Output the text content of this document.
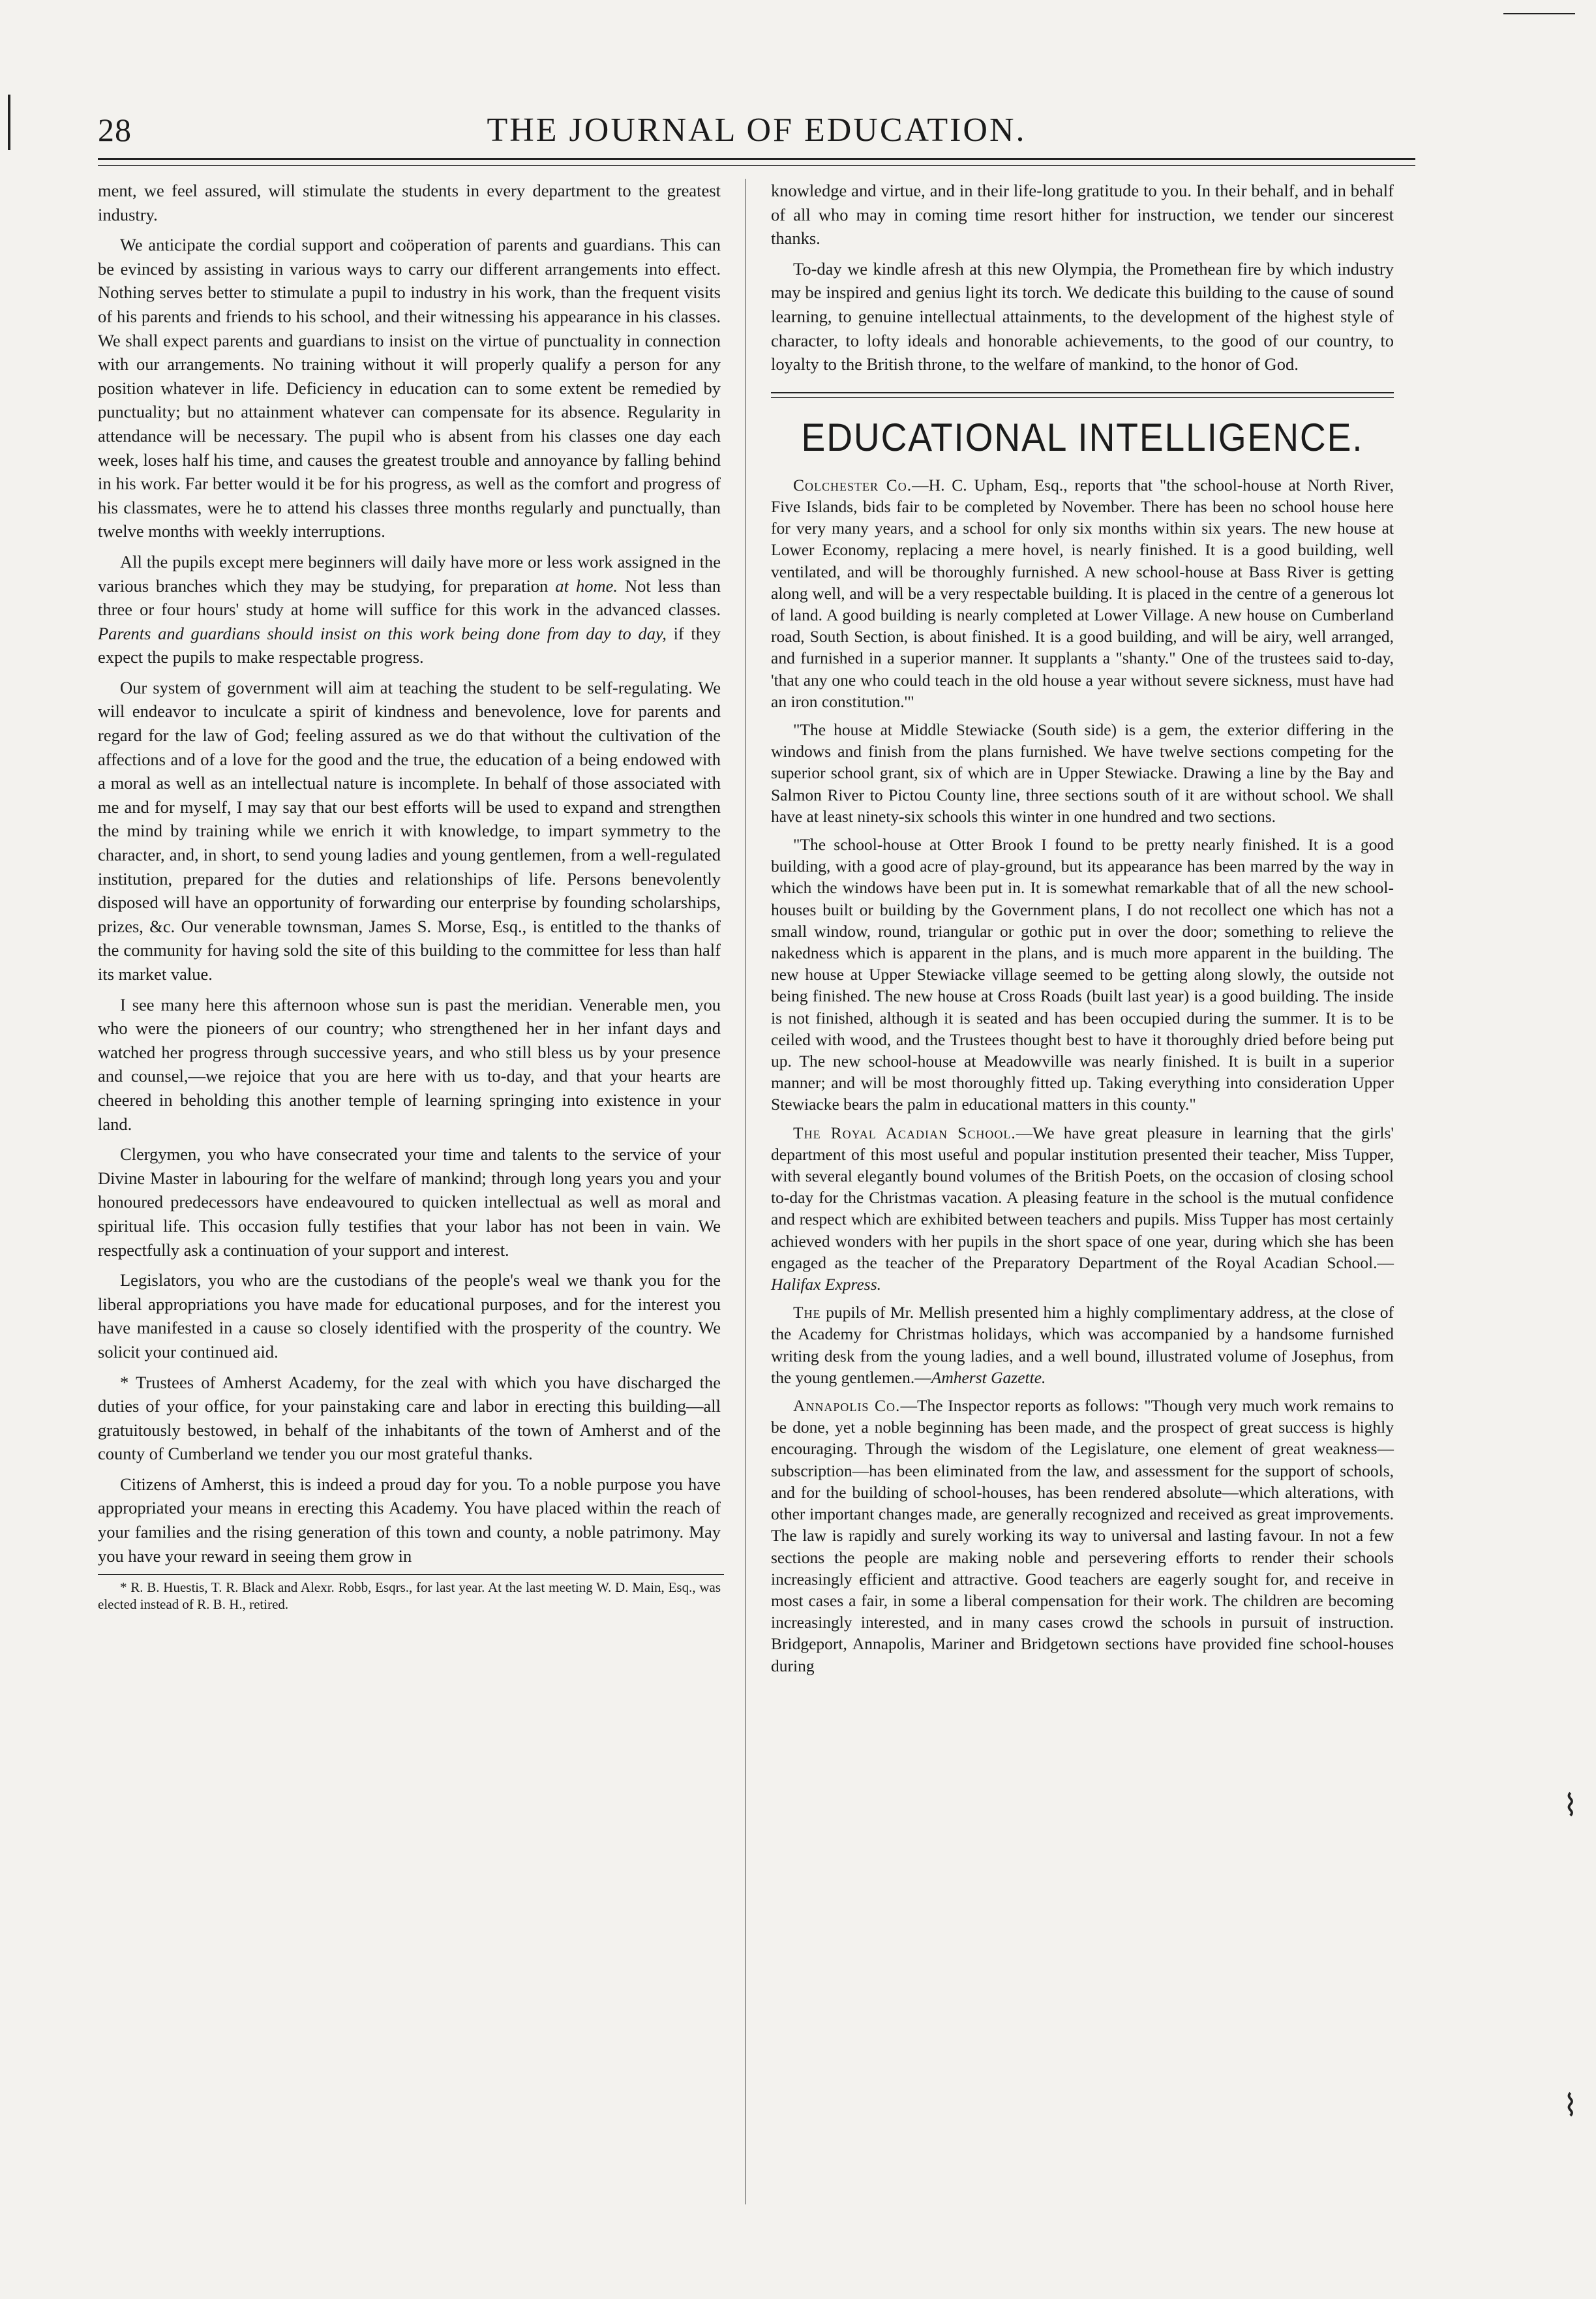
⌇
⌇
28	THE JOURNAL OF EDUCATION.

ment, we feel assured, will stimulate the students in every department to the greatest industry.

We anticipate the cordial support and coöperation of parents and guardians. This can be evinced by assisting in various ways to carry our different arrangements into effect. Nothing serves better to stimulate a pupil to industry in his work, than the frequent visits of his parents and friends to his school, and their witnessing his appearance in his classes. We shall expect parents and guardians to insist on the virtue of punctuality in connection with our arrangements. No training without it will properly qualify a person for any position whatever in life. Deficiency in education can to some extent be remedied by punctuality; but no attainment whatever can compensate for its absence. Regularity in attendance will be necessary. The pupil who is absent from his classes one day each week, loses half his time, and causes the greatest trouble and annoyance by falling behind in his work. Far better would it be for his progress, as well as the comfort and progress of his classmates, were he to attend his classes three months regularly and punctually, than twelve months with weekly interruptions.

All the pupils except mere beginners will daily have more or less work assigned in the various branches which they may be studying, for preparation at home. Not less than three or four hours' study at home will suffice for this work in the advanced classes. Parents and guardians should insist on this work being done from day to day, if they expect the pupils to make respectable progress.

Our system of government will aim at teaching the student to be self-regulating. We will endeavor to inculcate a spirit of kindness and benevolence, love for parents and regard for the law of God; feeling assured as we do that without the cultivation of the affections and of a love for the good and the true, the education of a being endowed with a moral as well as an intellectual nature is incomplete. In behalf of those associated with me and for myself, I may say that our best efforts will be used to expand and strengthen the mind by training while we enrich it with knowledge, to impart symmetry to the character, and, in short, to send young ladies and young gentlemen, from a well-regulated institution, prepared for the duties and relationships of life. Persons benevolently disposed will have an opportunity of forwarding our enterprise by founding scholarships, prizes, &c. Our venerable townsman, James S. Morse, Esq., is entitled to the thanks of the community for having sold the site of this building to the committee for less than half its market value.

I see many here this afternoon whose sun is past the meridian. Venerable men, you who were the pioneers of our country; who strengthened her in her infant days and watched her progress through successive years, and who still bless us by your presence and counsel,—we rejoice that you are here with us to-day, and that your hearts are cheered in beholding this another temple of learning springing into existence in your land.

Clergymen, you who have consecrated your time and talents to the service of your Divine Master in labouring for the welfare of mankind; through long years you and your honoured predecessors have endeavoured to quicken intellectual as well as moral and spiritual life. This occasion fully testifies that your labor has not been in vain. We respectfully ask a continuation of your support and interest.

Legislators, you who are the custodians of the people's weal we thank you for the liberal appropriations you have made for educational purposes, and for the interest you have manifested in a cause so closely identified with the prosperity of the country. We solicit your continued aid.

* Trustees of Amherst Academy, for the zeal with which you have discharged the duties of your office, for your painstaking care and labor in erecting this building—all gratuitously bestowed, in behalf of the inhabitants of the town of Amherst and of the county of Cumberland we tender you our most grateful thanks.

Citizens of Amherst, this is indeed a proud day for you. To a noble purpose you have appropriated your means in erecting this Academy. You have placed within the reach of your families and the rising generation of this town and county, a noble patrimony. May you have your reward in seeing them grow in

* R. B. Huestis, T. R. Black and Alexr. Robb, Esqrs., for last year. At the last meeting W. D. Main, Esq., was elected instead of R. B. H., retired.

knowledge and virtue, and in their life-long gratitude to you. In their behalf, and in behalf of all who may in coming time resort hither for instruction, we tender our sincerest thanks.

To-day we kindle afresh at this new Olympia, the Promethean fire by which industry may be inspired and genius light its torch. We dedicate this building to the cause of sound learning, to genuine intellectual attainments, to the development of the highest style of character, to lofty ideals and honorable achievements, to the good of our country, to loyalty to the British throne, to the welfare of mankind, to the honor of God.

EDUCATIONAL INTELLIGENCE.

Colchester Co.—H. C. Upham, Esq., reports that "the school-house at North River, Five Islands, bids fair to be completed by November. There has been no school house here for very many years, and a school for only six months within six years. The new house at Lower Economy, replacing a mere hovel, is nearly finished. It is a good building, well ventilated, and will be thoroughly furnished. A new school-house at Bass River is getting along well, and will be a very respectable building. It is placed in the centre of a generous lot of land. A good building is nearly completed at Lower Village. A new house on Cumberland road, South Section, is about finished. It is a good building, and will be airy, well arranged, and furnished in a superior manner. It supplants a "shanty." One of the trustees said to-day, 'that any one who could teach in the old house a year without severe sickness, must have had an iron constitution.'"

"The house at Middle Stewiacke (South side) is a gem, the exterior differing in the windows and finish from the plans furnished. We have twelve sections competing for the superior school grant, six of which are in Upper Stewiacke. Drawing a line by the Bay and Salmon River to Pictou County line, three sections south of it are without school. We shall have at least ninety-six schools this winter in one hundred and two sections.

"The school-house at Otter Brook I found to be pretty nearly finished. It is a good building, with a good acre of play-ground, but its appearance has been marred by the way in which the windows have been put in. It is somewhat remarkable that of all the new school-houses built or building by the Government plans, I do not recollect one which has not a small window, round, triangular or gothic put in over the door; something to relieve the nakedness which is apparent in the plans, and is much more apparent in the building. The new house at Upper Stewiacke village seemed to be getting along slowly, the outside not being finished. The new house at Cross Roads (built last year) is a good building. The inside is not finished, although it is seated and has been occupied during the summer. It is to be ceiled with wood, and the Trustees thought best to have it thoroughly dried before being put up. The new school-house at Meadowville was nearly finished. It is built in a superior manner; and will be most thoroughly fitted up. Taking everything into consideration Upper Stewiacke bears the palm in educational matters in this county."

The Royal Acadian School.—We have great pleasure in learning that the girls' department of this most useful and popular institution presented their teacher, Miss Tupper, with several elegantly bound volumes of the British Poets, on the occasion of closing school to-day for the Christmas vacation. A pleasing feature in the school is the mutual confidence and respect which are exhibited between teachers and pupils. Miss Tupper has most certainly achieved wonders with her pupils in the short space of one year, during which she has been engaged as the teacher of the Preparatory Department of the Royal Acadian School.—Halifax Express.

The pupils of Mr. Mellish presented him a highly complimentary address, at the close of the Academy for Christmas holidays, which was accompanied by a handsome furnished writing desk from the young ladies, and a well bound, illustrated volume of Josephus, from the young gentlemen.—Amherst Gazette.

Annapolis Co.—The Inspector reports as follows: "Though very much work remains to be done, yet a noble beginning has been made, and the prospect of great success is highly encouraging. Through the wisdom of the Legislature, one element of great weakness—subscription—has been eliminated from the law, and assessment for the support of schools, and for the building of school-houses, has been rendered absolute—which alterations, with other important changes made, are generally recognized and received as great improvements. The law is rapidly and surely working its way to universal and lasting favour. In not a few sections the people are making noble and persevering efforts to render their schools increasingly efficient and attractive. Good teachers are eagerly sought for, and receive in most cases a fair, in some a liberal compensation for their work. The children are becoming increasingly interested, and in many cases crowd the schools in pursuit of instruction. Bridgeport, Annapolis, Mariner and Bridgetown sections have provided fine school-houses during
